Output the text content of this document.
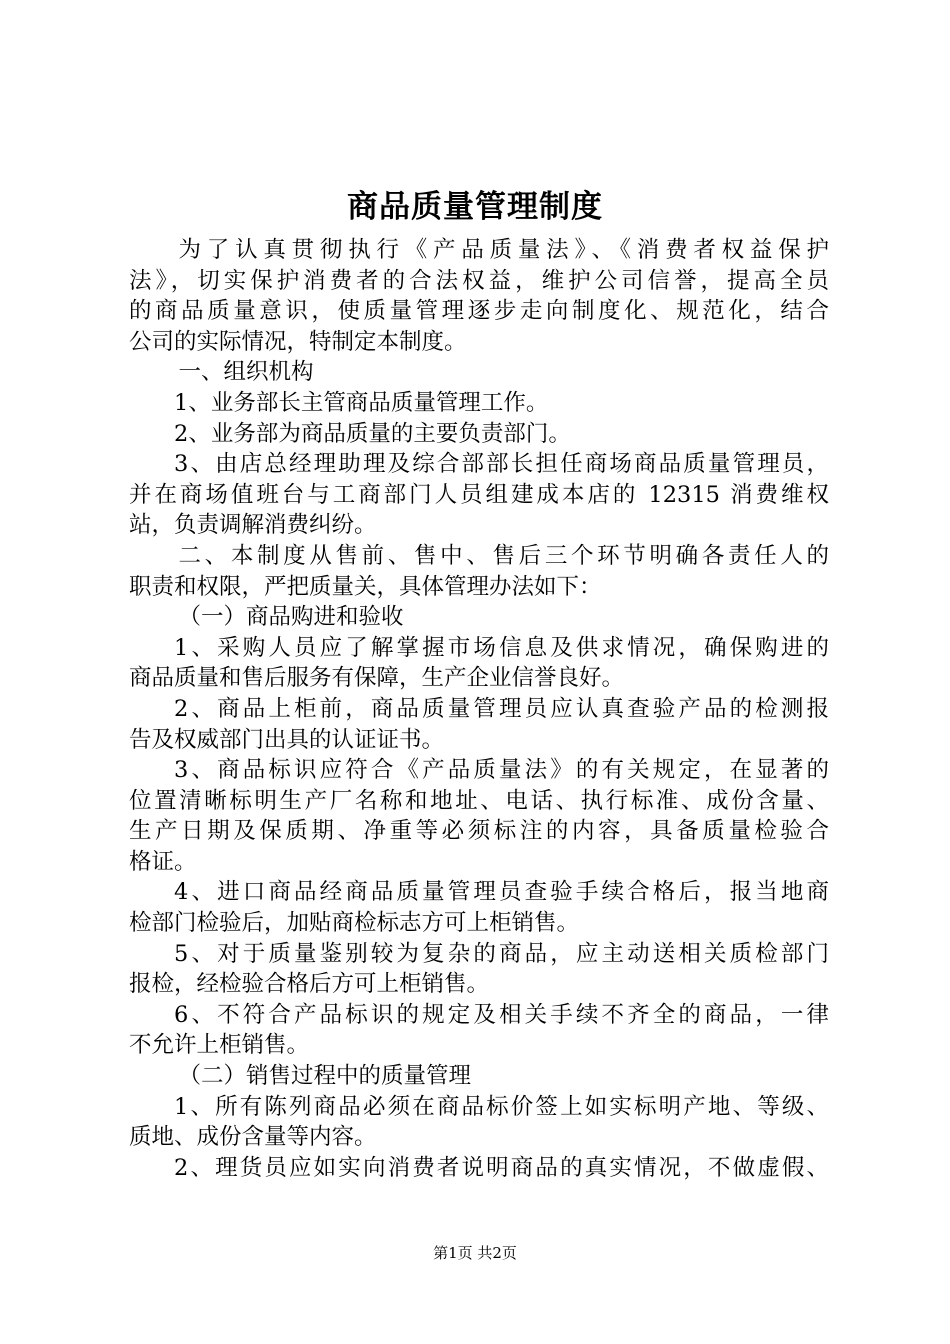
商品质量管理制度
为了认真贯彻执行《产品质量法》、《消费者权益保护
法》，切实保护消费者的合法权益，维护公司信誉，提高全员
的商品质量意识，使质量管理逐步走向制度化、规范化，结合
公司的实际情况，特制定本制度。
一、组织机构
1、业务部长主管商品质量管理工作。
2、业务部为商品质量的主要负责部门。
3、由店总经理助理及综合部部长担任商场商品质量管理员，
并在商场值班台与工商部门人员组建成本店的 12315 消费维权
站，负责调解消费纠纷。
二、本制度从售前、售中、售后三个环节明确各责任人的
职责和权限，严把质量关，具体管理办法如下：
（一）商品购进和验收
1、采购人员应了解掌握市场信息及供求情况，确保购进的
商品质量和售后服务有保障，生产企业信誉良好。
2、商品上柜前，商品质量管理员应认真查验产品的检测报
告及权威部门出具的认证证书。
3、商品标识应符合《产品质量法》的有关规定，在显著的
位置清晰标明生产厂名称和地址、电话、执行标准、成份含量、
生产日期及保质期、净重等必须标注的内容，具备质量检验合
格证。
4、进口商品经商品质量管理员查验手续合格后，报当地商
检部门检验后，加贴商检标志方可上柜销售。
5、对于质量鉴别较为复杂的商品，应主动送相关质检部门
报检，经检验合格后方可上柜销售。
6、不符合产品标识的规定及相关手续不齐全的商品，一律
不允许上柜销售。
（二）销售过程中的质量管理
1、所有陈列商品必须在商品标价签上如实标明产地、等级、
质地、成份含量等内容。
2、理货员应如实向消费者说明商品的真实情况，不做虚假、
第1页 共2页
